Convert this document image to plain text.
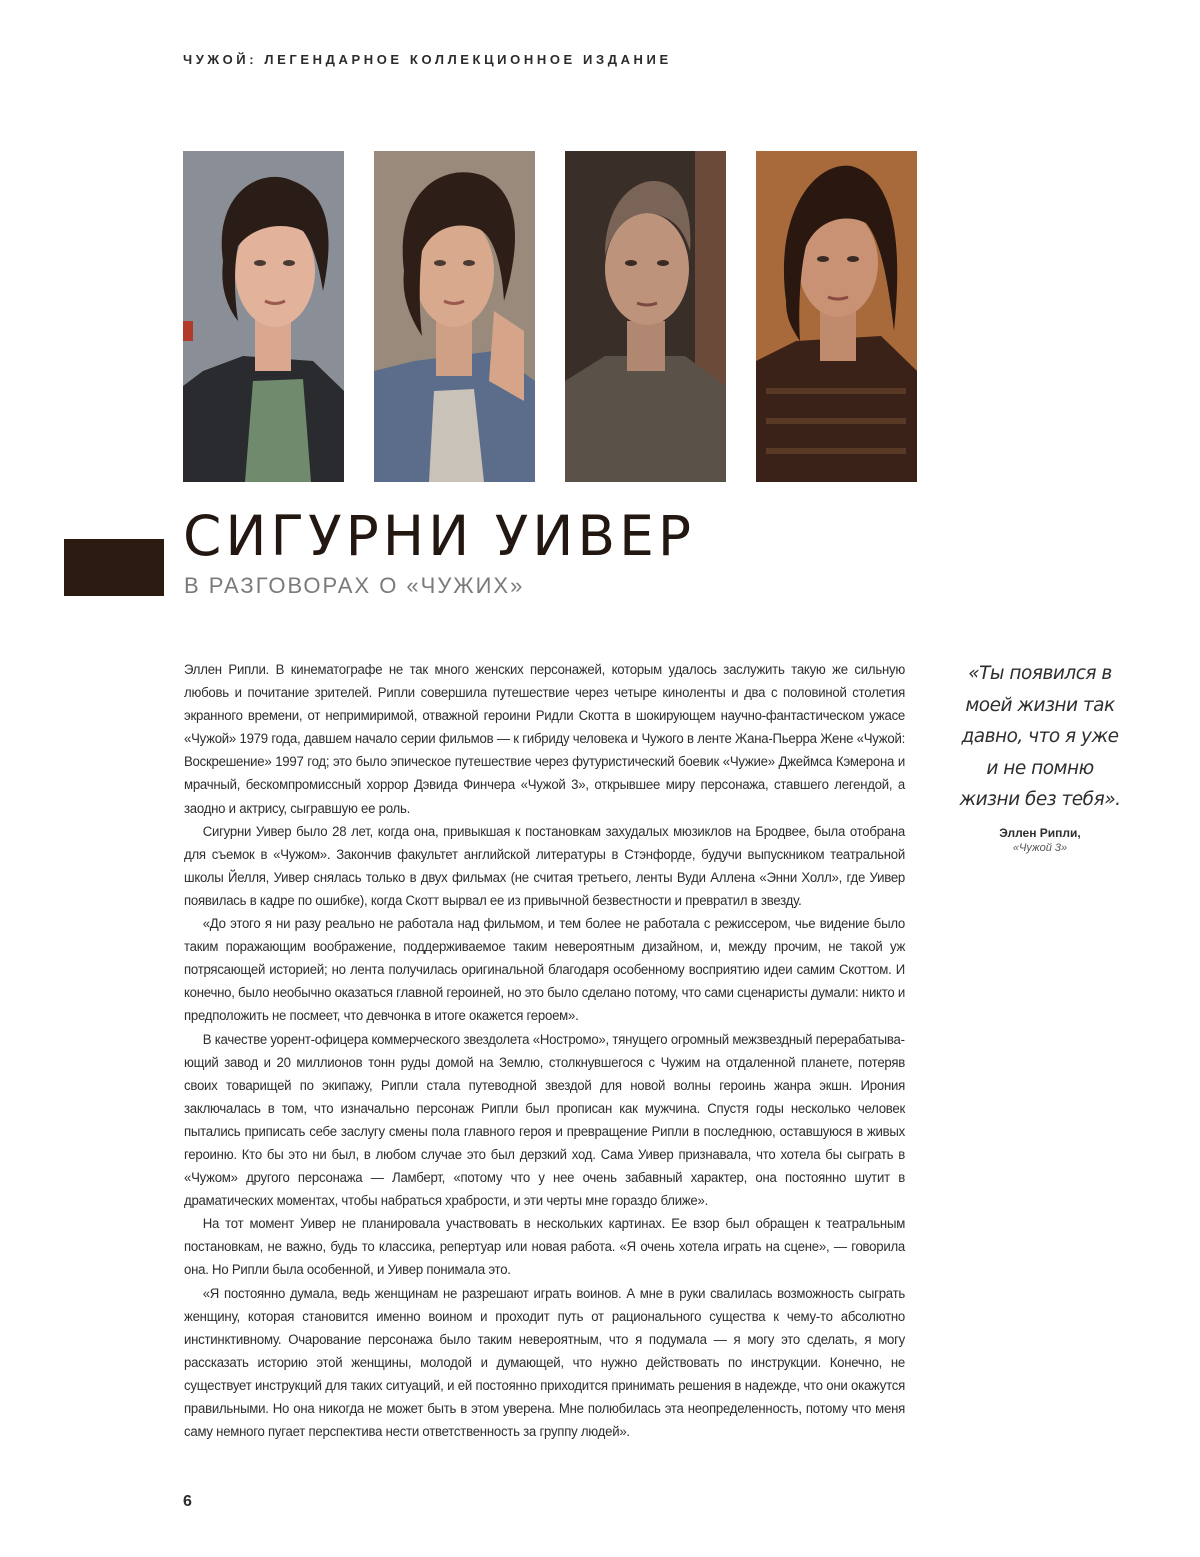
ЧУЖОЙ: ЛЕГЕНДАРНОЕ КОЛЛЕКЦИОННОЕ ИЗДАНИЕ
СИГУРНИ УИВЕР
В РАЗГОВОРАХ О «ЧУЖИХ»

Эллен Рипли. В кинематографе не так много женских персонажей, которым удалось заслужить такую же сильную любовь и почитание зрителей. Рипли совершила путешествие через четыре киноленты и два с половиной столетия экранного времени, от непримиримой, отважной героини Ридли Скотта в шокирующем научно-фантастическом ужасе «Чужой» 1979 года, давшем начало серии фильмов — к гибриду человека и Чужого в ленте Жана-Пьерра Жене «Чужой: Воскрешение» 1997 год; это было эпическое путешествие через футуристический боевик «Чужие» Джеймса Кэмерона и мрачный, бескомпромиссный хоррор Дэвида Финчера «Чужой 3», открывшее миру персонажа, ставшего легендой, а заодно и актрису, сыгравшую ее роль.

Сигурни Уивер было 28 лет, когда она, привыкшая к постановкам захудалых мюзиклов на Бродвее, была отобрана для съемок в «Чужом». Закончив факультет английской литературы в Стэнфорде, будучи выпускником театральной школы Йелля, Уивер снялась только в двух фильмах (не считая третьего, ленты Вуди Аллена «Энни Холл», где Уивер появилась в кадре по ошибке), когда Скотт вырвал ее из привычной безвестности и превратил в звезду.

«До этого я ни разу реально не работала над фильмом, и тем более не работала с режиссером, чье видение было таким поражающим воображение, поддерживаемое таким невероятным дизайном, и, между прочим, не такой уж потрясающей историей; но лента получилась оригинальной благодаря особенному восприятию идеи самим Скоттом. И конечно, было необычно оказаться главной героиней, но это было сделано потому, что сами сценаристы думали: никто и предположить не посмеет, что девчонка в итоге окажется героем».

В качестве уорент-офицера коммерческого звездолета «Ностромо», тянущего огромный межзвездный перерабатывающий завод и 20 миллионов тонн руды домой на Землю, столкнувшегося с Чужим на отдаленной планете, потеряв своих товарищей по экипажу, Рипли стала путеводной звездой для новой волны героинь жанра экшн. Ирония заключалась в том, что изначально персонаж Рипли был прописан как мужчина. Спустя годы несколько человек пытались приписать себе заслугу смены пола главного героя и превращение Рипли в последнюю, оставшуюся в живых героиню. Кто бы это ни был, в любом случае это был дерзкий ход. Сама Уивер признавала, что хотела бы сыграть в «Чужом» другого персонажа — Ламберт, «потому что у нее очень забавный характер, она постоянно шутит в драматических моментах, чтобы набраться храбрости, и эти черты мне гораздо ближе».

На тот момент Уивер не планировала участвовать в нескольких картинах. Ее взор был обращен к театральным постановкам, не важно, будь то классика, репертуар или новая работа. «Я очень хотела играть на сцене», — говорила она. Но Рипли была особенной, и Уивер понимала это.

«Я постоянно думала, ведь женщинам не разрешают играть воинов. А мне в руки свалилась возможность сыграть женщину, которая становится именно воином и проходит путь от рационального существа к чему-то абсолютно инстинктивному. Очарование персонажа было таким невероятным, что я подумала — я могу это сделать, я могу рассказать историю этой женщины, молодой и думающей, что нужно действовать по инструкции. Конечно, не существует инструкций для таких ситуаций, и ей постоянно приходится принимать решения в надежде, что они окажутся правильными. Но она никогда не может быть в этом уверена. Мне полюбилась эта неопределенность, потому что меня саму немного пугает перспектива нести ответственность за группу людей».

«Ты появился в моей жизни так давно, что я уже и не помню жизни без тебя».
Эллен Рипли,
«Чужой 3»
6
